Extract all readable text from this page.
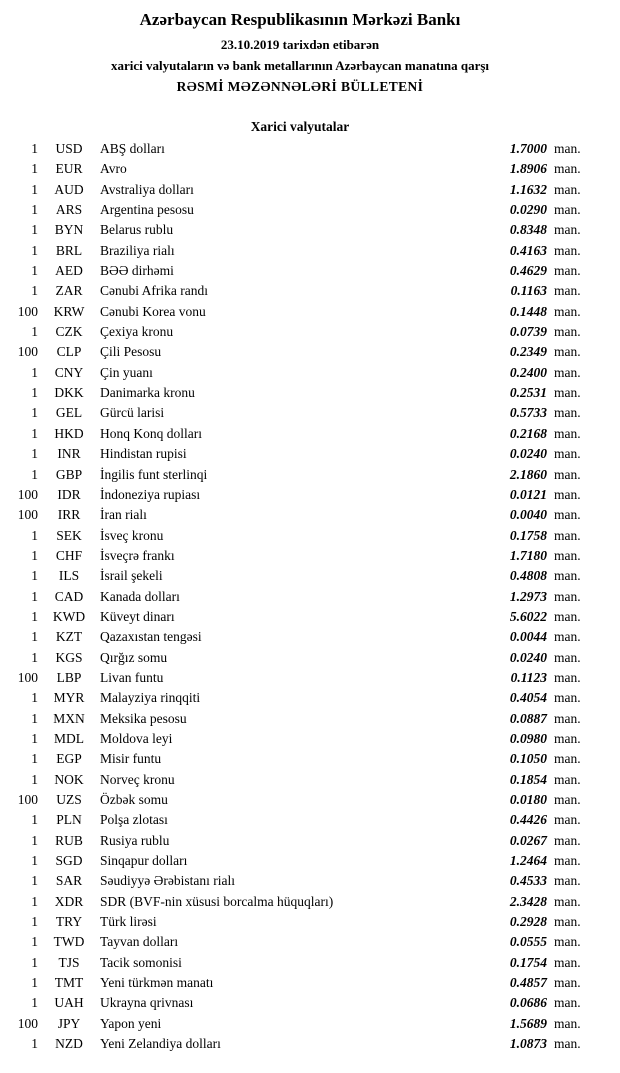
Azərbaycan Respublikasının Mərkəzi Bankı
23.10.2019 tarixdən etibarən
xarici valyutaların və bank metallarının Azərbaycan manatına qarşı
RƏSMİ MƏZƏNNƏLƏRİ BÜLLETENİ
Xarici valyutalar
1	USD	ABŞ dolları	1.7000 man.
1	EUR	Avro	1.8906 man.
1	AUD	Avstraliya dolları	1.1632 man.
1	ARS	Argentina pesosu	0.0290 man.
1	BYN	Belarus rublu	0.8348 man.
1	BRL	Braziliya rialı	0.4163 man.
1	AED	BƏƏ dirhəmi	0.4629 man.
1	ZAR	Cənubi Afrika randı	0.1163 man.
100	KRW	Cənubi Korea vonu	0.1448 man.
1	CZK	Çexiya kronu	0.0739 man.
100	CLP	Çili Pesosu	0.2349 man.
1	CNY	Çin yuanı	0.2400 man.
1	DKK	Danimarka kronu	0.2531 man.
1	GEL	Gürcü larisi	0.5733 man.
1	HKD	Honq Konq dolları	0.2168 man.
1	INR	Hindistan rupisi	0.0240 man.
1	GBP	İngilis funt sterlinqi	2.1860 man.
100	IDR	İndoneziya rupiası	0.0121 man.
100	IRR	İran rialı	0.0040 man.
1	SEK	İsveç kronu	0.1758 man.
1	CHF	İsveçrə frankı	1.7180 man.
1	ILS	İsrail şekeli	0.4808 man.
1	CAD	Kanada dolları	1.2973 man.
1	KWD	Küveyt dinarı	5.6022 man.
1	KZT	Qazaxıstan tengəsi	0.0044 man.
1	KGS	Qırğız somu	0.0240 man.
100	LBP	Livan funtu	0.1123 man.
1	MYR	Malayziya rinqqiti	0.4054 man.
1	MXN	Meksika pesosu	0.0887 man.
1	MDL	Moldova leyi	0.0980 man.
1	EGP	Misir funtu	0.1050 man.
1	NOK	Norveç kronu	0.1854 man.
100	UZS	Özbək somu	0.0180 man.
1	PLN	Polşa zlotası	0.4426 man.
1	RUB	Rusiya rublu	0.0267 man.
1	SGD	Sinqapur dolları	1.2464 man.
1	SAR	Səudiyyə Ərəbistanı rialı	0.4533 man.
1	XDR	SDR (BVF-nin xüsusi borcalma hüquqları)	2.3428 man.
1	TRY	Türk lirəsi	0.2928 man.
1	TWD	Tayvan dolları	0.0555 man.
1	TJS	Tacik somonisi	0.1754 man.
1	TMT	Yeni türkmən manatı	0.4857 man.
1	UAH	Ukrayna qrivnası	0.0686 man.
100	JPY	Yapon yeni	1.5689 man.
1	NZD	Yeni Zelandiya dolları	1.0873 man.
